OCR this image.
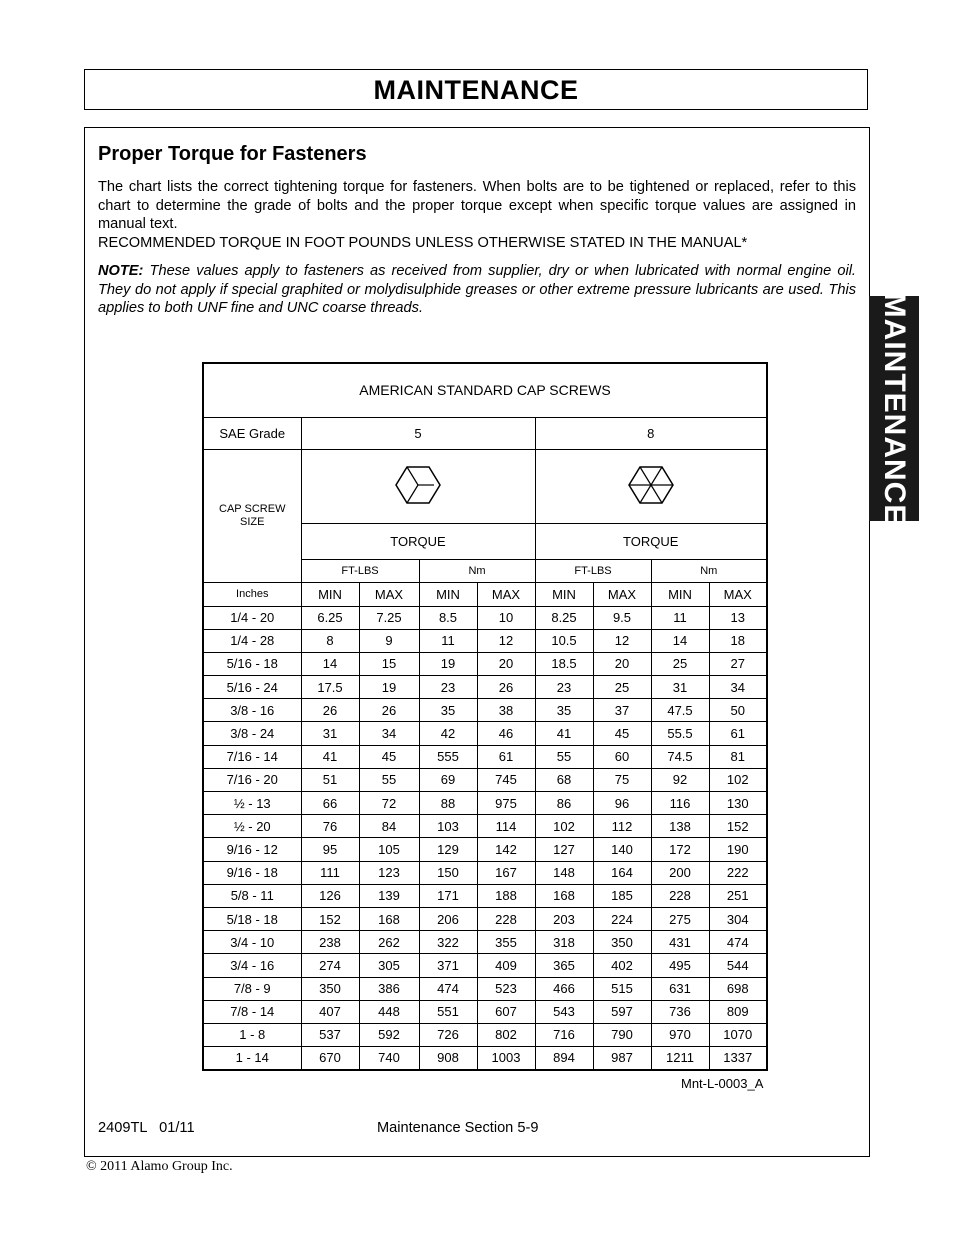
MAINTENANCE
MAINTENANCE
Proper Torque for Fasteners
The chart lists the correct tightening torque for fasteners. When bolts are to be tightened or replaced, refer to this chart to determine the grade of bolts and the proper torque except when specific torque values are assigned in manual text.
RECOMMENDED TORQUE IN FOOT POUNDS UNLESS OTHERWISE STATED IN THE MANUAL*
NOTE: These values apply to fasteners as received from supplier, dry or when lubricated with normal engine oil. They do not apply if special graphited or molydisulphide greases or other extreme pressure lubricants are used. This applies to both UNF fine and UNC coarse threads.
AMERICAN STANDARD CAP SCREWS								
SAE Grade	5				8			
CAP SCREW
SIZE		
	TORQUE				TORQUE			
	FT-LBS		Nm		FT-LBS		Nm	
Inches	MIN	MAX	MIN	MAX	MIN	MAX	MIN	MAX
1/4 - 20	6.25	7.25	8.5	10	8.25	9.5	11	13
1/4 - 28	8	9	11	12	10.5	12	14	18
5/16 - 18	14	15	19	20	18.5	20	25	27
5/16 - 24	17.5	19	23	26	23	25	31	34
3/8 - 16	26	26	35	38	35	37	47.5	50
3/8 - 24	31	34	42	46	41	45	55.5	61
7/16 - 14	41	45	555	61	55	60	74.5	81
7/16 - 20	51	55	69	745	68	75	92	102
½ - 13	66	72	88	975	86	96	116	130
½ - 20	76	84	103	114	102	112	138	152
9/16 - 12	95	105	129	142	127	140	172	190
9/16 - 18	111	123	150	167	148	164	200	222
5/8 - 11	126	139	171	188	168	185	228	251
5/18 - 18	152	168	206	228	203	224	275	304
3/4 - 10	238	262	322	355	318	350	431	474
3/4 - 16	274	305	371	409	365	402	495	544
7/8 - 9	350	386	474	523	466	515	631	698
7/8 - 14	407	448	551	607	543	597	736	809
1 - 8	537	592	726	802	716	790	970	1070
1 - 14	670	740	908	1003	894	987	1211	1337
Mnt-L-0003_A
2409TL   01/11	Maintenance Section 5-9
© 2011 Alamo Group Inc.
